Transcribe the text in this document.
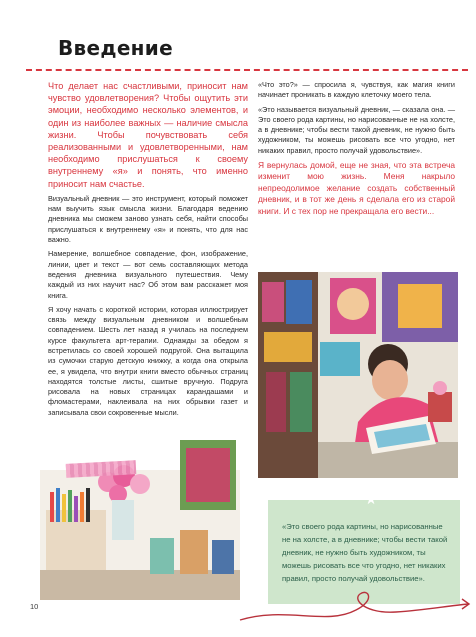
Введение

Что делает нас счастливыми, приносит нам чувство удовлетворения? Чтобы ощутить эти эмоции, необходимо несколько элементов, и один из наиболее важных — наличие смысла жизни. Чтобы почувствовать себя реализованными и удовлетворенными, нам необходимо прислушаться к своему внутреннему «я» и понять, что именно приносит нам счастье.

Визуальный дневник — это инструмент, который поможет нам выучить язык смысла жизни. Благодаря ведению дневника мы сможем заново узнать себя, найти способы прислушаться к внутреннему «я» и понять, что для нас важно.

Намерение, волшебное совпадение, фон, изображение, линии, цвет и текст — вот семь составляющих метода ведения дневника визуального путешествия. Чему каждый из них научит нас? Об этом вам расскажет моя книга.

Я хочу начать с короткой истории, которая иллюстрирует связь между визуальным дневником и волшебным совпадением. Шесть лет назад я училась на последнем курсе факультета арт-терапии. Однажды за обедом я встретилась со своей хорошей подругой. Она вытащила из сумочки старую детскую книжку, а когда она открыла ее, я увидела, что внутри книги вместо обычных страниц находятся толстые листы, сшитые вручную. Подруга рисовала на новых страницах карандашами и фломастерами, наклеивала на них обрывки газет и записывала свои сокровенные мысли.

«Что это?» — спросила я, чувствуя, как магия книги начинает проникать в каждую клеточку моего тела.

«Это называется визуальный дневник, — сказала она. — Это своего рода картины, но нарисованные не на холсте, а в дневнике; чтобы вести такой дневник, не нужно быть художником, ты можешь рисовать все что угодно, нет никаких правил, просто получай удовольствие».

Я вернулась домой, еще не зная, что эта встреча изменит мою жизнь. Меня накрыло непреодолимое желание создать собственный дневник, и в тот же день я сделала его из старой книги. И с тех пор не прекращала его вести...

★
«Это своего рода картины, но нарисованные не на холсте, а в дневнике; чтобы вести такой дневник, не нужно быть художником, ты можешь рисовать все что угодно, нет никаких правил, просто получай удовольствие».
10
